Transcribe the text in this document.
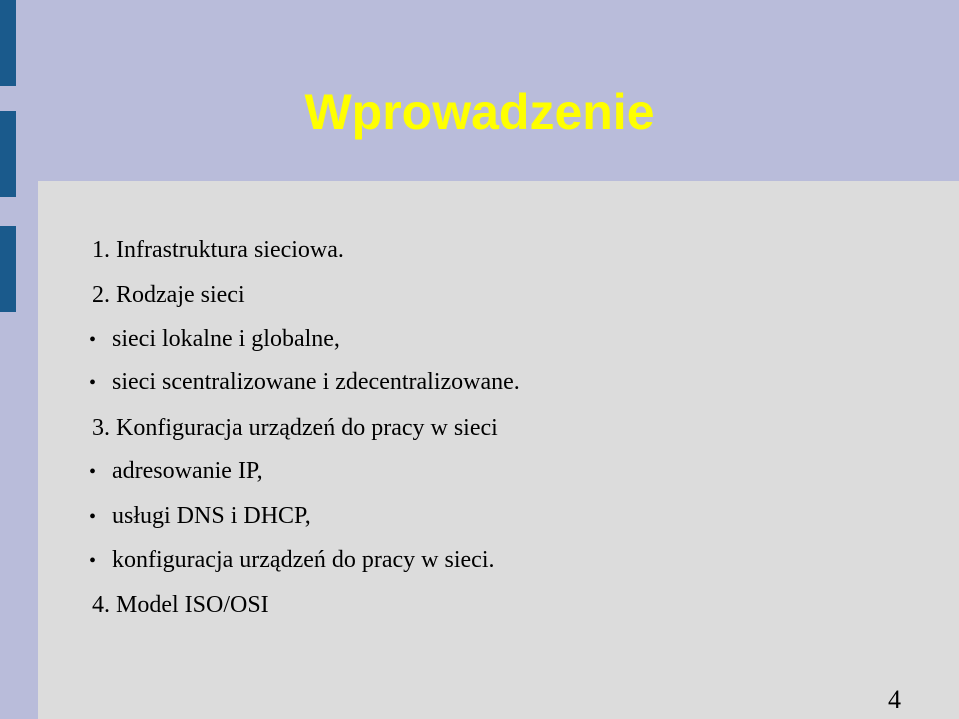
Wprowadzenie
1. Infrastruktura sieciowa.
2. Rodzaje sieci
• sieci lokalne i globalne,
• sieci scentralizowane i zdecentralizowane.
3. Konfiguracja urządzeń do pracy w sieci
• adresowanie IP,
• usługi DNS i DHCP,
• konfiguracja urządzeń do pracy w sieci.
4. Model ISO/OSI
4
